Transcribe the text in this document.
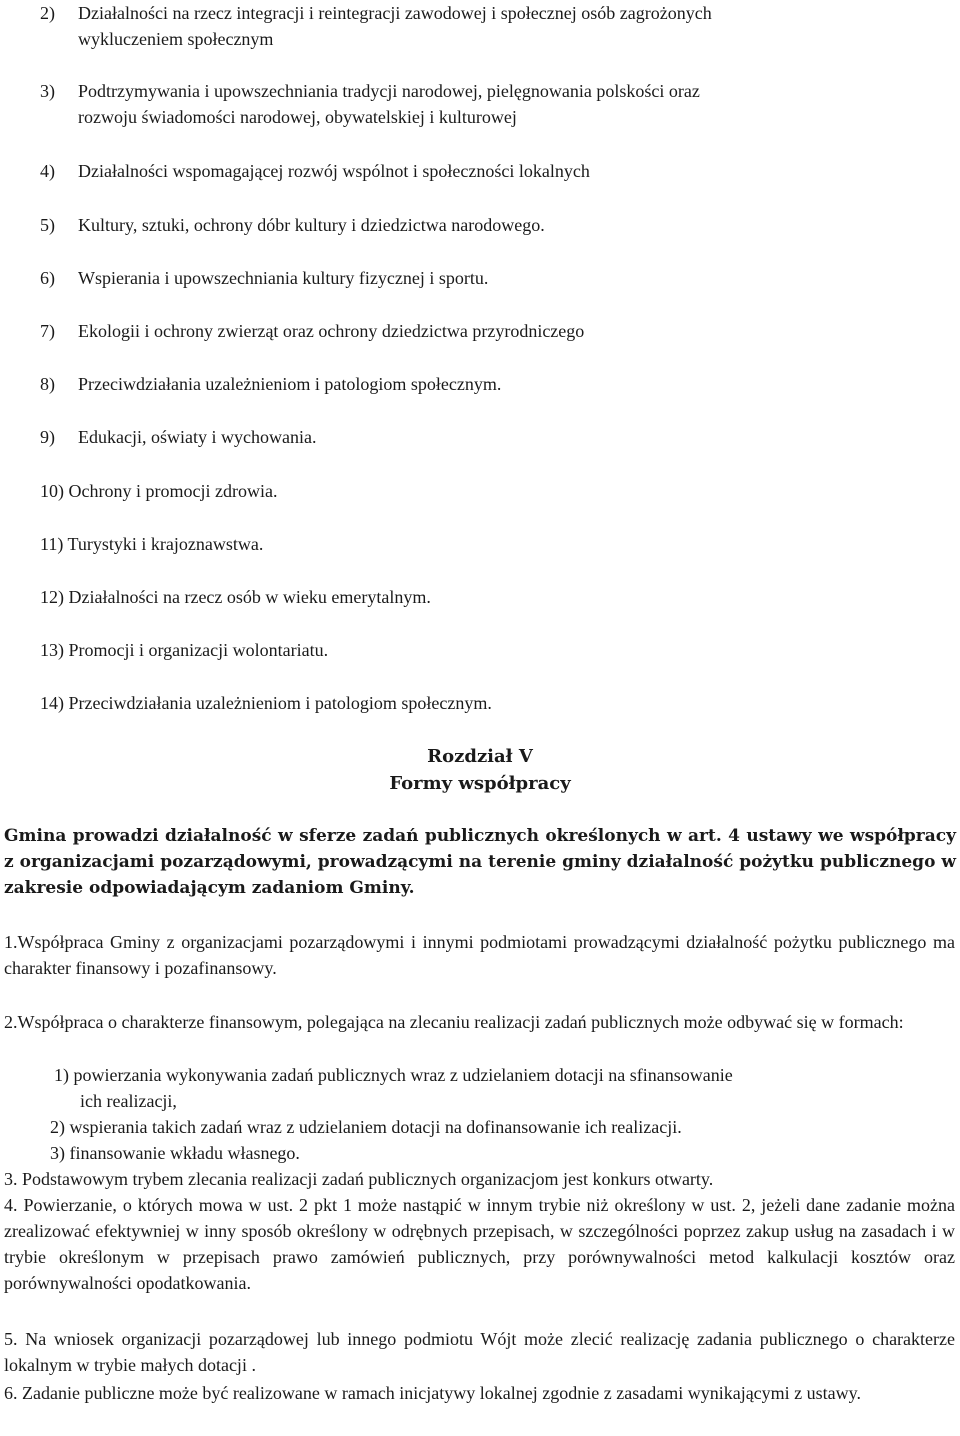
2) Działalności na rzecz integracji i reintegracji zawodowej i społecznej osób zagrożonych

wykluczeniem społecznym

3) Podtrzymywania i upowszechniania tradycji narodowej, pielęgnowania polskości oraz

rozwoju świadomości narodowej, obywatelskiej i kulturowej

4) Działalności wspomagającej rozwój wspólnot i społeczności lokalnych

5) Kultury, sztuki, ochrony dóbr kultury i dziedzictwa narodowego.

6) Wspierania i upowszechniania kultury fizycznej i sportu.

7) Ekologii i ochrony zwierząt oraz ochrony dziedzictwa przyrodniczego

8) Przeciwdziałania uzależnieniom i patologiom społecznym.

9) Edukacji, oświaty i wychowania.

10) Ochrony i promocji zdrowia.

11) Turystyki i krajoznawstwa.

12) Działalności na rzecz osób w wieku emerytalnym.

13) Promocji i organizacji wolontariatu.

14) Przeciwdziałania uzależnieniom i patologiom społecznym.

Rozdział V
Formy współpracy

Gmina prowadzi działalność w sferze zadań publicznych określonych w art. 4 ustawy we współpracy z organizacjami pozarządowymi, prowadzącymi na terenie gminy działalność pożytku publicznego w zakresie odpowiadającym zadaniom Gminy.

1.Współpraca Gminy z organizacjami pozarządowymi i innymi podmiotami prowadzącymi działalność pożytku publicznego ma charakter finansowy i pozafinansowy.

2.Współpraca o charakterze finansowym, polegająca na zlecaniu realizacji zadań publicznych może odbywać się w formach:

1) powierzania wykonywania zadań publicznych wraz z udzielaniem dotacji na sfinansowanie

ich realizacji,

2) wspierania takich zadań wraz z udzielaniem dotacji na dofinansowanie ich realizacji.

3) finansowanie wkładu własnego.

3. Podstawowym trybem zlecania realizacji zadań publicznych organizacjom jest konkurs otwarty.

4. Powierzanie, o których mowa w ust. 2 pkt 1 może nastąpić w innym trybie niż określony w ust. 2, jeżeli dane zadanie można zrealizować efektywniej w inny sposób określony w odrębnych przepisach, w szczególności poprzez zakup usług na zasadach i w trybie określonym w przepisach prawo zamówień publicznych, przy porównywalności metod kalkulacji kosztów oraz porównywalności opodatkowania.

5. Na wniosek organizacji pozarządowej lub innego podmiotu Wójt może zlecić realizację zadania publicznego o charakterze lokalnym w trybie małych dotacji .

6. Zadanie publiczne może być realizowane w ramach inicjatywy lokalnej zgodnie z zasadami wynikającymi z ustawy.
